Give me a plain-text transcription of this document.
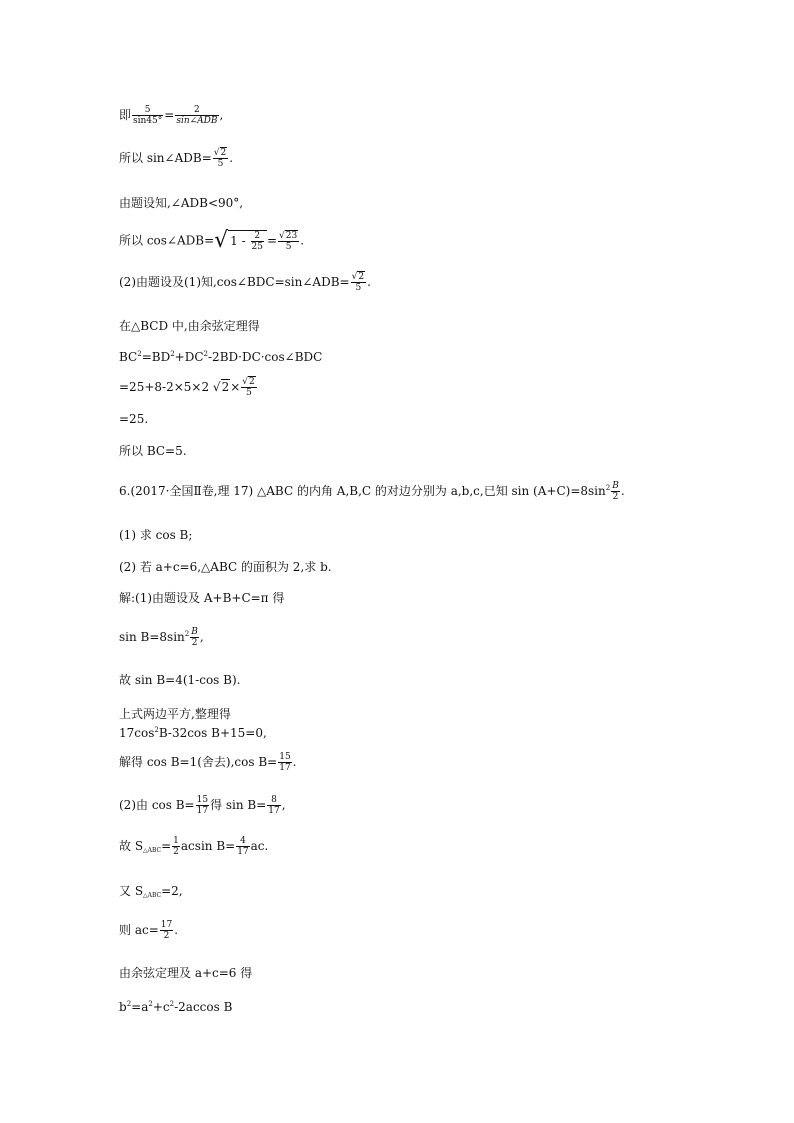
即 $\frac{5}{\sin 45^\circ}$ =	2
sin∠ADB ,
所以 sin∠ADB= $\frac{√2}{5}$ .
由题设知,∠ADB<90°,
所以 cos∠ADB=√ $1 - \frac{2}{25} = \frac{√23}{5}$ .
(2)由题设及(1)知,cos∠BDC=sin∠ADB= $\frac{√2}{5}$ .
在△BCD 中,由余弦定理得
$BC^2=BD^2+DC^2-2BD\cdot DC\cdot\cos\angle BDC$
=25+8-2×5×2 $√2\times \frac{√2}{5}$
=25.
所以 BC=5.
6.(2017·全国Ⅱ卷,理 17) △ABC 的内角 A,B,C 的对边分别为 a,b,c,已知 $\sin (A+C)=8\sin^2 \frac{B}{2}$ .
(1) 求 cos B;
(2) 若 a+c=6,△ABC 的面积为 2,求 b.
解:(1)由题设及 A+B+C=π 得
$\sin B=8\sin^2 \frac{B}{2}$ ,
故 sin B=4(1-cos B).
上式两边平方,整理得
$17\cos^2B-32\cos$ B+15=0,
解得 cos B=1(舍去),cos $B= \frac{15}{17}$ .
(2)由 $\cos B= \frac{15}{17}$ 得 $\sin B= \frac{8}{17}$ ,
故 $S_{\triangle ABC}= \frac{1}{2}$ acsin $B= \frac{4}{17}$ ac.
又 $S_{\triangle ABC}=2$,
则 $ac= \frac{17}{2}$ .
由余弦定理及 a+c=6 得
$b^2=a^2+c^2-2accos$ B
